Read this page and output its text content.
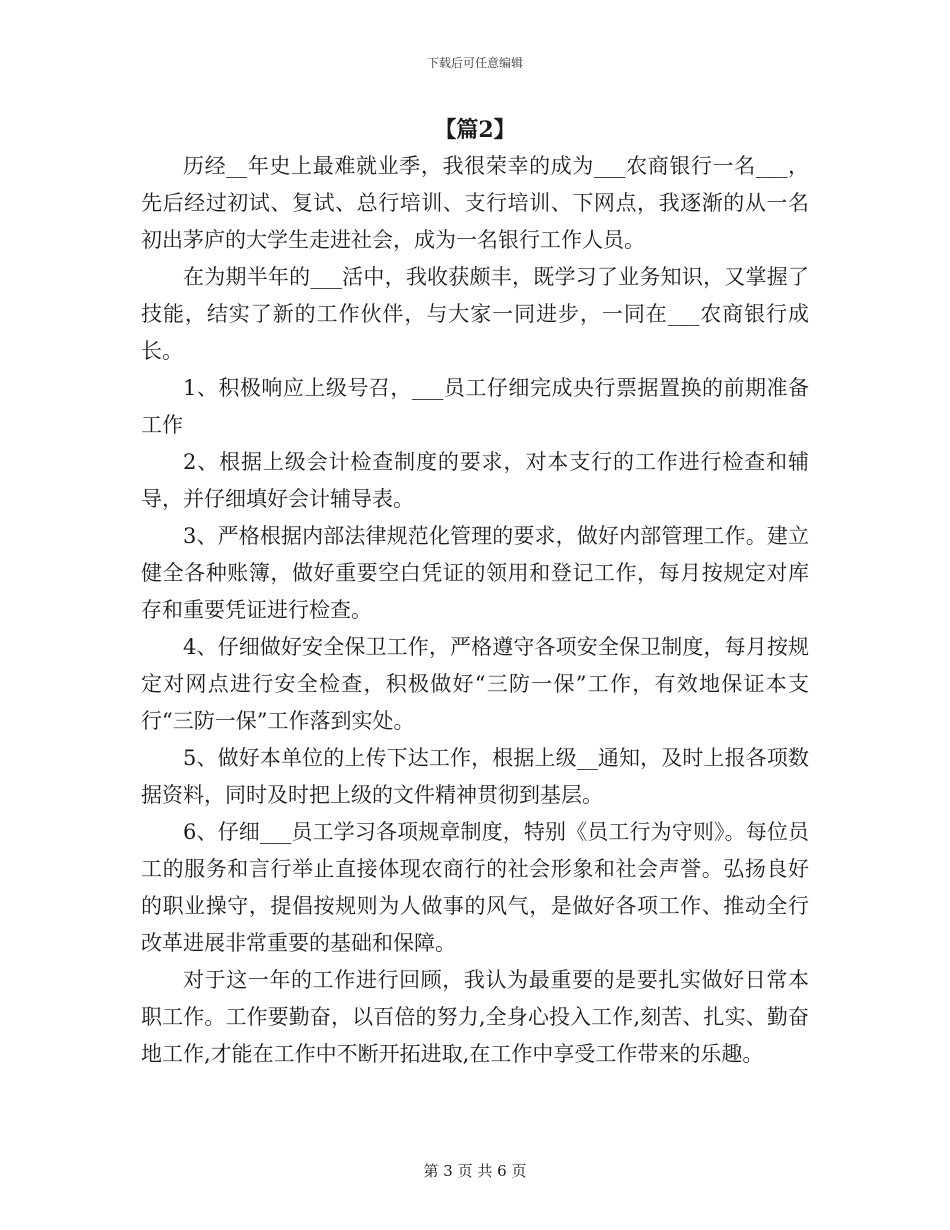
下载后可任意编辑
【篇2】

历经__年史上最难就业季，我很荣幸的成为___农商银行一名___，先后经过初试、复试、总行培训、支行培训、下网点，我逐渐的从一名初出茅庐的大学生走进社会，成为一名银行工作人员。

在为期半年的___活中，我收获颇丰，既学习了业务知识，又掌握了技能，结实了新的工作伙伴，与大家一同进步，一同在___农商银行成长。

1、积极响应上级号召，___员工仔细完成央行票据置换的前期准备工作

2、根据上级会计检查制度的要求，对本支行的工作进行检查和辅导，并仔细填好会计辅导表。

3、严格根据内部法律规范化管理的要求，做好内部管理工作。建立健全各种账簿，做好重要空白凭证的领用和登记工作，每月按规定对库存和重要凭证进行检查。

4、仔细做好安全保卫工作，严格遵守各项安全保卫制度，每月按规定对网点进行安全检查，积极做好“三防一保”工作，有效地保证本支行“三防一保”工作落到实处。

5、做好本单位的上传下达工作，根据上级__通知，及时上报各项数据资料，同时及时把上级的文件精神贯彻到基层。

6、仔细___员工学习各项规章制度，特别《员工行为守则》。每位员工的服务和言行举止直接体现农商行的社会形象和社会声誉。弘扬良好的职业操守，提倡按规则为人做事的风气，是做好各项工作、推动全行改革进展非常重要的基础和保障。

对于这一年的工作进行回顾，我认为最重要的是要扎实做好日常本职工作。工作要勤奋，以百倍的努力,全身心投入工作,刻苦、扎实、勤奋地工作,才能在工作中不断开拓进取,在工作中享受工作带来的乐趣。

第 3 页 共 6 页
